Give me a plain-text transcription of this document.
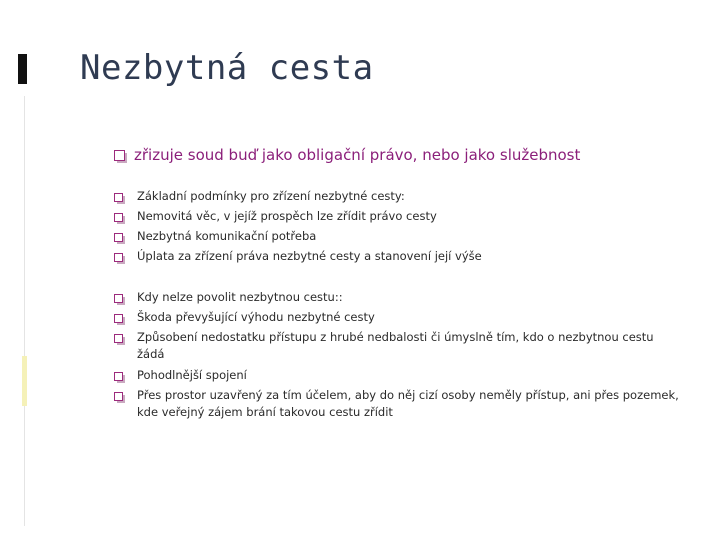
Nezbytná cesta
zřizuje soud buď jako obligační právo, nebo jako služebnost
Základní podmínky pro zřízení nezbytné cesty:
Nemovitá věc, v jejíž prospěch lze zřídit právo cesty
Nezbytná komunikační potřeba
Úplata za zřízení práva nezbytné cesty a stanovení její výše
Kdy nelze povolit nezbytnou cestu::
Škoda převyšující výhodu nezbytné cesty
Způsobení nedostatku přístupu z hrubé nedbalosti či úmyslně tím, kdo o nezbytnou cestu
žádá
Pohodlnější spojení
Přes prostor uzavřený za tím účelem, aby do něj cizí osoby neměly přístup, ani přes pozemek,
kde veřejný zájem brání takovou cestu zřídit
